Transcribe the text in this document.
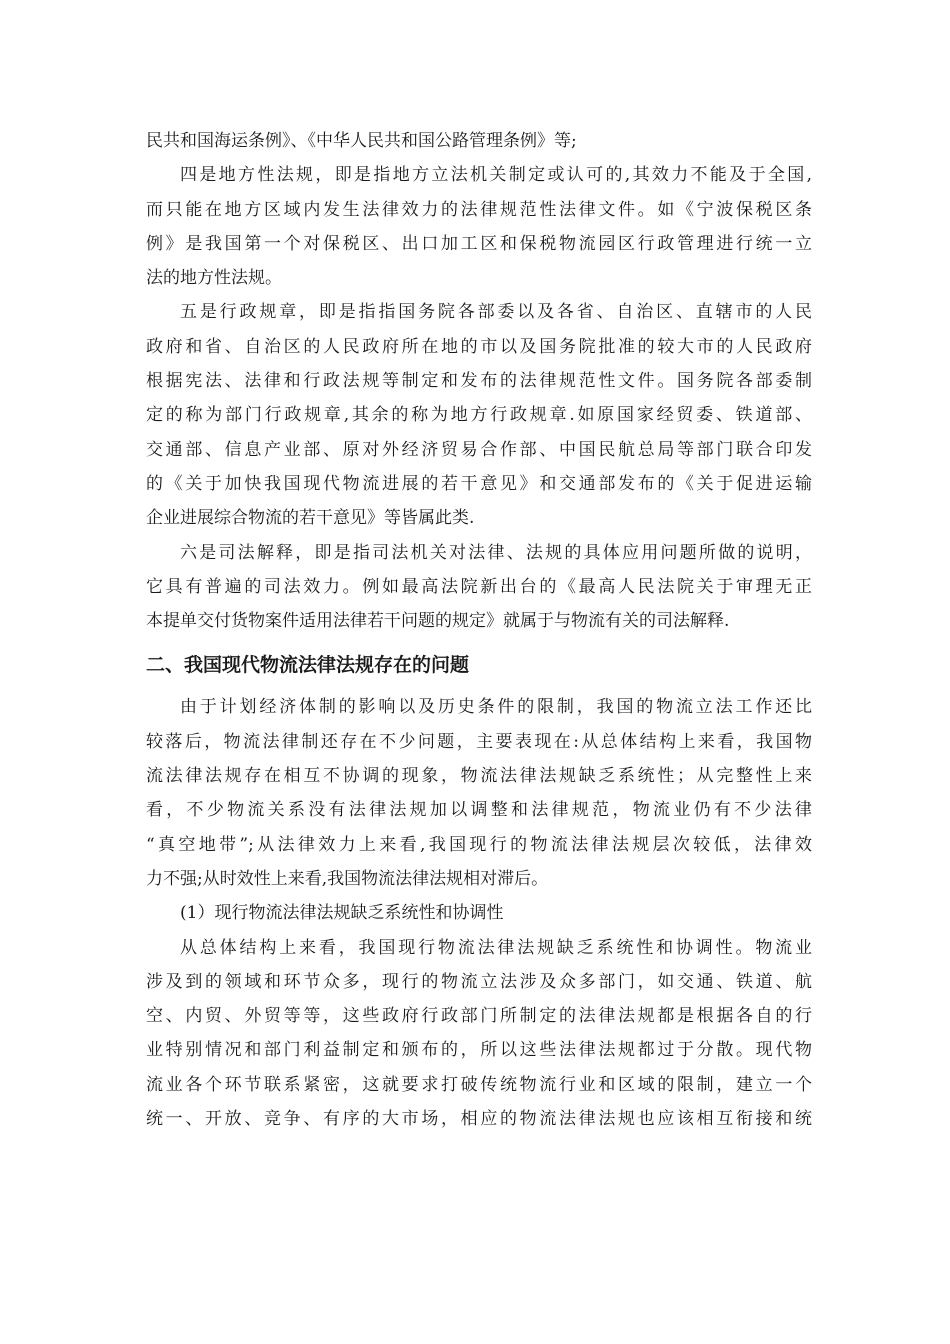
民共和国海运条例》、《中华人民共和国公路管理条例》等;
四是地方性法规，即是指地方立法机关制定或认可的,其效力不能及于全国,
而只能在地方区域内发生法律效力的法律规范性法律文件。如《宁波保税区条
例》是我国第一个对保税区、出口加工区和保税物流园区行政管理进行统一立
法的地方性法规。
五是行政规章，即是指指国务院各部委以及各省、自治区、直辖市的人民
政府和省、自治区的人民政府所在地的市以及国务院批准的较大市的人民政府
根据宪法、法律和行政法规等制定和发布的法律规范性文件。国务院各部委制
定的称为部门行政规章,其余的称为地方行政规章.如原国家经贸委、铁道部、
交通部、信息产业部、原对外经济贸易合作部、中国民航总局等部门联合印发
的《关于加快我国现代物流进展的若干意见》和交通部发布的《关于促进运输
企业进展综合物流的若干意见》等皆属此类.
六是司法解释，即是指司法机关对法律、法规的具体应用问题所做的说明，
它具有普遍的司法效力。例如最高法院新出台的《最高人民法院关于审理无正
本提单交付货物案件适用法律若干问题的规定》就属于与物流有关的司法解释.
二、我国现代物流法律法规存在的问题
由于计划经济体制的影响以及历史条件的限制，我国的物流立法工作还比
较落后，物流法律制还存在不少问题，主要表现在:从总体结构上来看，我国物
流法律法规存在相互不协调的现象，物流法律法规缺乏系统性；从完整性上来
看，不少物流关系没有法律法规加以调整和法律规范，物流业仍有不少法律
“真空地带”;从法律效力上来看,我国现行的物流法律法规层次较低，法律效
力不强;从时效性上来看,我国物流法律法规相对滞后。
(1）现行物流法律法规缺乏系统性和协调性
从总体结构上来看，我国现行物流法律法规缺乏系统性和协调性。物流业
涉及到的领域和环节众多，现行的物流立法涉及众多部门，如交通、铁道、航
空、内贸、外贸等等，这些政府行政部门所制定的法律法规都是根据各自的行
业特别情况和部门利益制定和颁布的，所以这些法律法规都过于分散。现代物
流业各个环节联系紧密，这就要求打破传统物流行业和区域的限制，建立一个
统一、开放、竞争、有序的大市场，相应的物流法律法规也应该相互衔接和统
